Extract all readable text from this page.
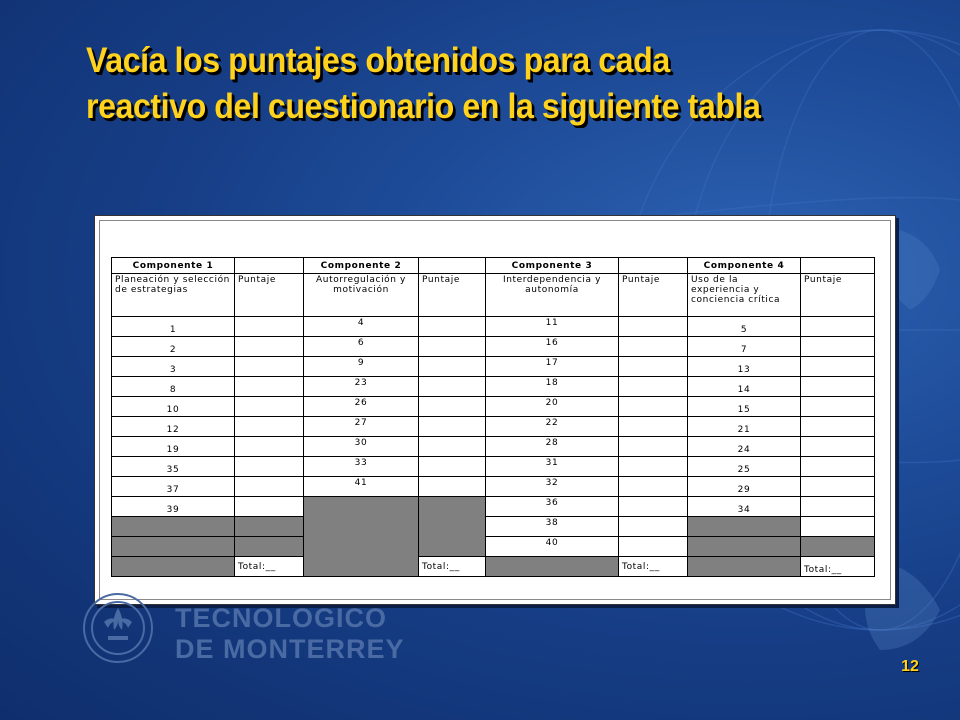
Vacía los puntajes obtenidos para cada reactivo del cuestionario en la siguiente tabla
Componente 1		Componente 2		Componente 3		Componente 4	
Planeación y selección de estrategias	Puntaje	Autorregulación y motivación	Puntaje	Interdependencia y autonomía	Puntaje	Uso de la experiencia y conciencia crítica	Puntaje
1		4		11		5	
2		6		16		7	
3		9		17		13	
8		23		18		14	
10		26		20		15	
12		27		22		21	
19		30		28		24	
35		33		31		25	
37		41		32		29	
39				36		34	
				38			
				40			
	Total:__		Total:__		Total:__		Total:__
TECNOLOGICO
DE MONTERREY
12
